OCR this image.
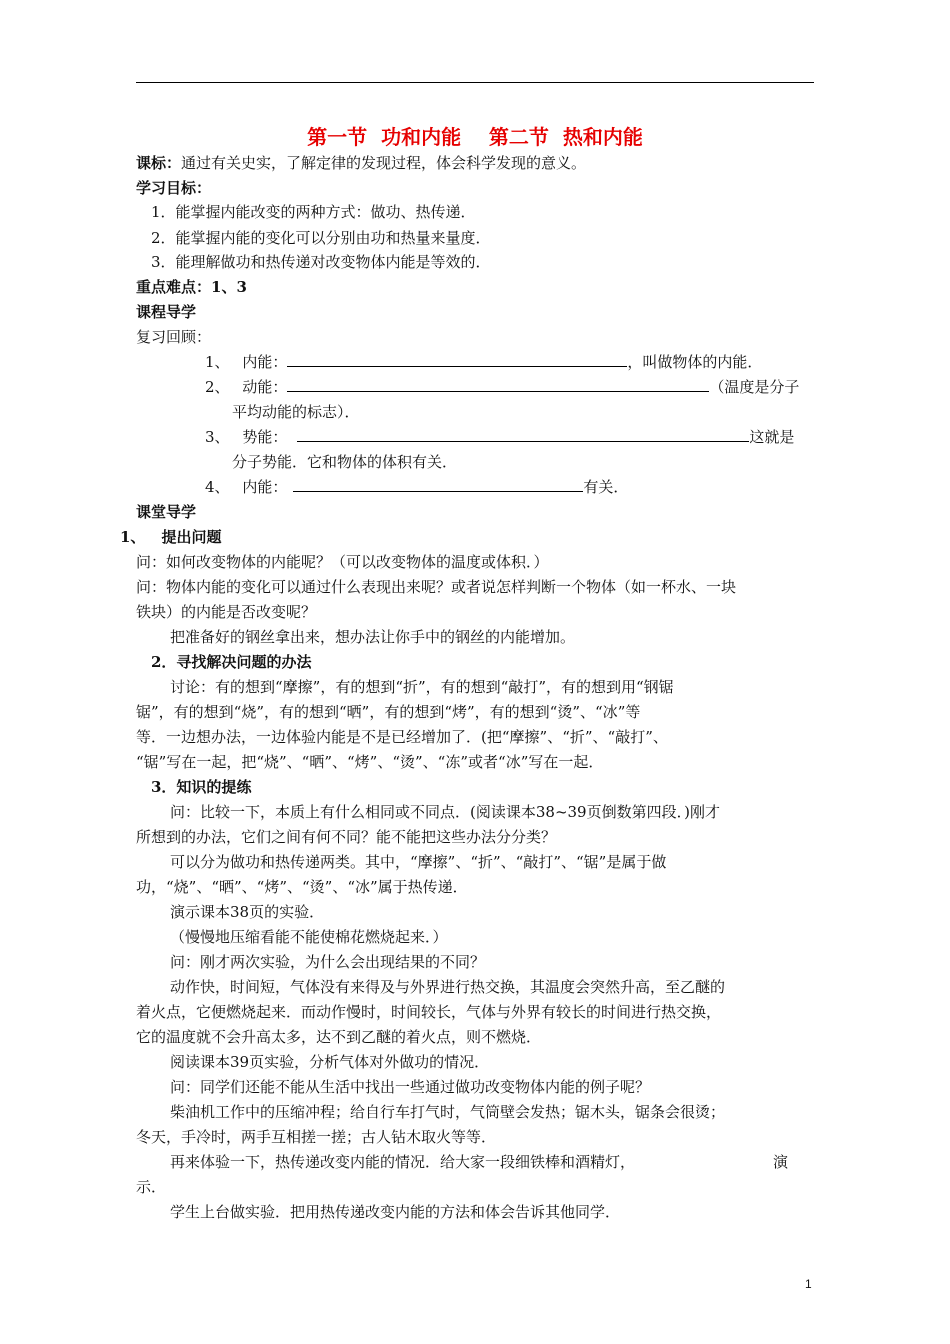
第一节  功和内能    第二节  热和内能
课标：通过有关史实，了解定律的发现过程，体会科学发现的意义。
学习目标：
1．能掌握内能改变的两种方式：做功、热传递．
2．能掌握内能的变化可以分别由功和热量来量度．
3．能理解做功和热传递对改变物体内能是等效的．
重点难点：1、3
课程导学
复习回顾：
1、 内能：	，叫做物体的内能．
2、 动能：	（温度是分子
平均动能的标志）．
3、 势能：	这就是
分子势能．它和物体的体积有关．
4、 内能：	有关．
课堂导学
1、 提出问题
问：如何改变物体的内能呢？（可以改变物体的温度或体积．）
问：物体内能的变化可以通过什么表现出来呢？或者说怎样判断一个物体（如一杯水、一块
铁块）的内能是否改变呢？
把准备好的钢丝拿出来，想办法让你手中的钢丝的内能增加。
2．寻找解决问题的办法
讨论：有的想到“摩擦”，有的想到“折”，有的想到“敲打”，有的想到用“钢锯
锯”，有的想到“烧”，有的想到“晒”，有的想到“烤”，有的想到“烫”、“冰”等
等．一边想办法，一边体验内能是不是已经增加了．(把“摩擦”、“折”、“敲打”、
“锯”写在一起，把“烧”、“晒”、“烤”、“烫”、“冻”或者“冰”写在一起．
3．知识的提练
问：比较一下，本质上有什么相同或不同点．(阅读课本38~39页倒数第四段．)刚才
所想到的办法，它们之间有何不同？能不能把这些办法分分类？
可以分为做功和热传递两类。其中，“摩擦”、“折”、“敲打”、“锯”是属于做
功，“烧”、“晒”、“烤”、“烫”、“冰”属于热传递．
演示课本38页的实验．
（慢慢地压缩看能不能使棉花燃烧起来．）
问：刚才两次实验，为什么会出现结果的不同？
动作快，时间短，气体没有来得及与外界进行热交换，其温度会突然升高，至乙醚的
着火点，它便燃烧起来．而动作慢时，时间较长，气体与外界有较长的时间进行热交换，
它的温度就不会升高太多，达不到乙醚的着火点，则不燃烧．
阅读课本39页实验，分析气体对外做功的情况．
问：同学们还能不能从生活中找出一些通过做功改变物体内能的例子呢？
柴油机工作中的压缩冲程；给自行车打气时，气筒壁会发热；锯木头，锯条会很烫；
冬天，手冷时，两手互相搓一搓；古人钻木取火等等．
再来体验一下，热传递改变内能的情况．给大家一段细铁棒和酒精灯，	演
示．
学生上台做实验．把用热传递改变内能的方法和体会告诉其他同学．
1
